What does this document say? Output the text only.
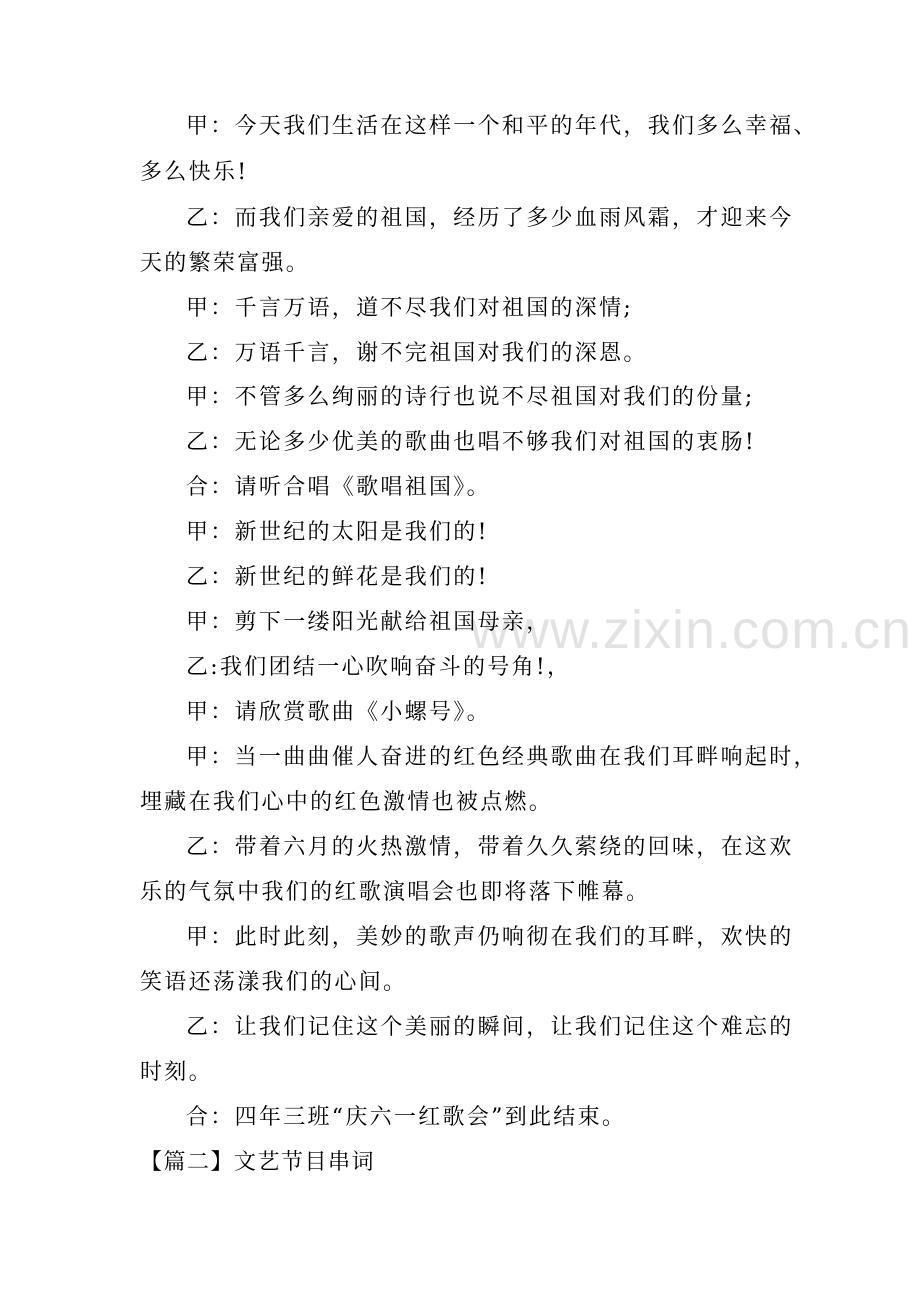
www.zixin.com.cn
甲：今天我们生活在这样一个和平的年代，我们多么幸福、
多么快乐!
乙：而我们亲爱的祖国，经历了多少血雨风霜，才迎来今
天的繁荣富强。
甲：千言万语，道不尽我们对祖国的深情;
乙：万语千言，谢不完祖国对我们的深恩。
甲：不管多么绚丽的诗行也说不尽祖国对我们的份量;
乙：无论多少优美的歌曲也唱不够我们对祖国的衷肠!
合：请听合唱《歌唱祖国》。
甲：新世纪的太阳是我们的!
乙：新世纪的鲜花是我们的!
甲：剪下一缕阳光献给祖国母亲，
乙:我们团结一心吹响奋斗的号角!，
甲：请欣赏歌曲《小螺号》。
甲：当一曲曲催人奋进的红色经典歌曲在我们耳畔响起时，
埋藏在我们心中的红色激情也被点燃。
乙：带着六月的火热激情，带着久久萦绕的回味，在这欢
乐的气氛中我们的红歌演唱会也即将落下帷幕。
甲：此时此刻，美妙的歌声仍响彻在我们的耳畔，欢快的
笑语还荡漾我们的心间。
乙：让我们记住这个美丽的瞬间，让我们记住这个难忘的
时刻。
合：四年三班“庆六一红歌会”到此结束。
【篇二】文艺节目串词
